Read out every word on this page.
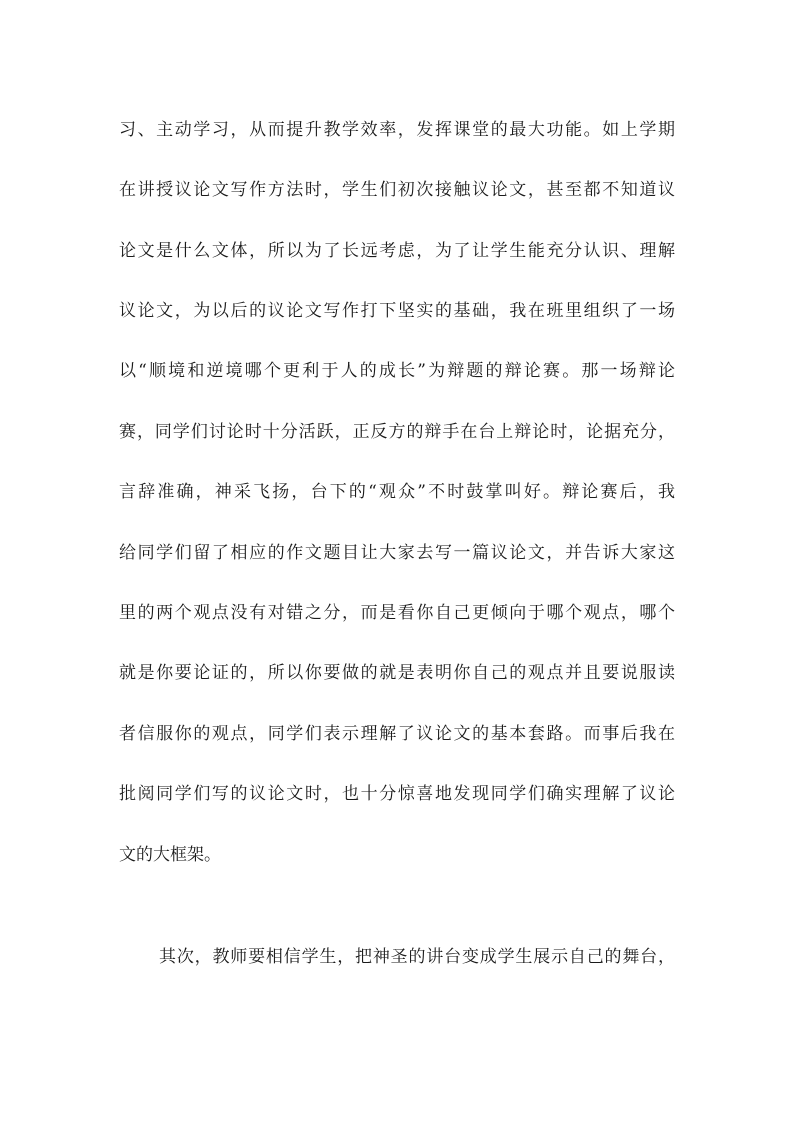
习、主动学习，从而提升教学效率，发挥课堂的最大功能。如上学期
在讲授议论文写作方法时，学生们初次接触议论文，甚至都不知道议
论文是什么文体，所以为了长远考虑，为了让学生能充分认识、理解
议论文，为以后的议论文写作打下坚实的基础，我在班里组织了一场
以“顺境和逆境哪个更利于人的成长”为辩题的辩论赛。那一场辩论
赛，同学们讨论时十分活跃，正反方的辩手在台上辩论时，论据充分，
言辞准确，神采飞扬，台下的“观众”不时鼓掌叫好。辩论赛后，我
给同学们留了相应的作文题目让大家去写一篇议论文，并告诉大家这
里的两个观点没有对错之分，而是看你自己更倾向于哪个观点，哪个
就是你要论证的，所以你要做的就是表明你自己的观点并且要说服读
者信服你的观点，同学们表示理解了议论文的基本套路。而事后我在
批阅同学们写的议论文时，也十分惊喜地发现同学们确实理解了议论
文的大框架。
其次，教师要相信学生，把神圣的讲台变成学生展示自己的舞台，
